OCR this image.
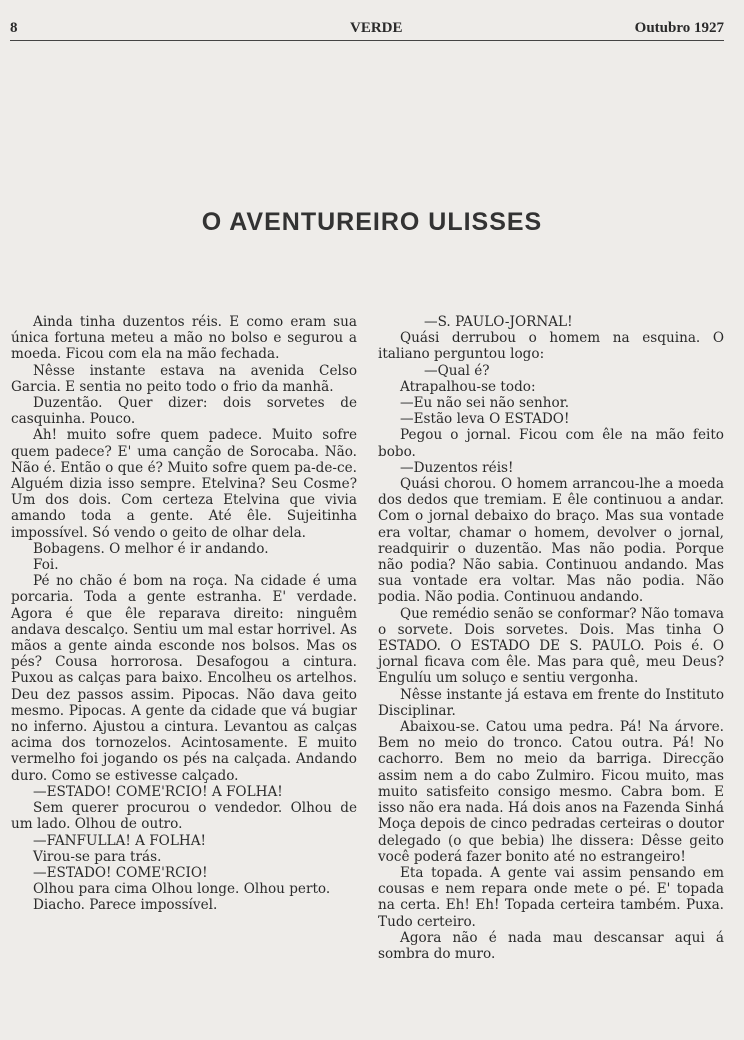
8	VERDE	Outubro 1927
O AVENTUREIRO ULISSES

Ainda tinha duzentos réis. E como eram sua única fortuna meteu a mão no bolso e segurou a moeda. Ficou com ela na mão fechada.

Nêsse instante estava na avenida Celso Garcia. E sentia no peito todo o frio da manhã.

Duzentão. Quer dizer: dois sorvetes de casquinha. Pouco.

Ah! muito sofre quem padece. Muito sofre quem padece? E' uma canção de Sorocaba. Não. Não é. Então o que é? Muito sofre quem pa-de-ce. Alguém dizia isso sempre. Etelvina? Seu Cosme? Um dos dois. Com certeza Etelvina que vivia amando toda a gente. Até êle. Sujeitinha impossível. Só vendo o geito de olhar dela.

Bobagens. O melhor é ir andando.

Foi.

Pé no chão é bom na roça. Na cidade é uma porcaria. Toda a gente estranha. E' verdade. Agora é que êle reparava direito: ninguêm andava descalço. Sentiu um mal estar horrivel. As mãos a gente ainda esconde nos bolsos. Mas os pés? Cousa horrorosa. Desafogou a cintura. Puxou as calças para baixo. Encolheu os artelhos. Deu dez passos assim. Pipocas. Não dava geito mesmo. Pipocas. A gente da cidade que vá bugiar no inferno. Ajustou a cintura. Levantou as calças acima dos tornozelos. Acintosamente. E muito vermelho foi jogando os pés na calçada. Andando duro. Como se estivesse calçado.

—ESTADO! COME'RCIO! A FOLHA!

Sem querer procurou o vendedor. Olhou de um lado. Olhou de outro.

—FANFULLA! A FOLHA!

Virou-se para trás.

—ESTADO! COME'RCIO!

Olhou para cima Olhou longe. Olhou perto.

Diacho. Parece impossível.

—S. PAULO-JORNAL!

Quási derrubou o homem na esquina. O italiano perguntou logo:

—Qual é?

Atrapalhou-se todo:

—Eu não sei não senhor.

—Estão leva O ESTADO!

Pegou o jornal. Ficou com êle na mão feito bobo.

—Duzentos réis!

Quási chorou. O homem arrancou-lhe a moeda dos dedos que tremiam. E êle continuou a andar. Com o jornal debaixo do braço. Mas sua vontade era voltar, chamar o homem, devolver o jornal, readquirir o duzentão. Mas não podia. Porque não podia? Não sabia. Continuou andando. Mas sua vontade era voltar. Mas não podia. Não podia. Não podia. Continuou andando.

Que remédio senão se conformar? Não tomava o sorvete. Dois sorvetes. Dois. Mas tinha O ESTADO. O ESTADO DE S. PAULO. Pois é. O jornal ficava com êle. Mas para quê, meu Deus? Engulíu um soluço e sentiu vergonha.

Nêsse instante já estava em frente do Instituto Disciplinar.

Abaixou-se. Catou uma pedra. Pá! Na árvore. Bem no meio do tronco. Catou outra. Pá! No cachorro. Bem no meio da barriga. Direcção assim nem a do cabo Zulmiro. Ficou muito, mas muito satisfeito consigo mesmo. Cabra bom. E isso não era nada. Há dois anos na Fazenda Sinhá Moça depois de cinco pedradas certeiras o doutor delegado (o que bebia) lhe dissera: Dêsse geito você poderá fazer bonito até no estrangeiro!

Eta topada. A gente vai assim pensando em cousas e nem repara onde mete o pé. E' topada na certa. Eh! Eh! Topada certeira também. Puxa. Tudo certeiro.

Agora não é nada mau descansar aqui á sombra do muro.
